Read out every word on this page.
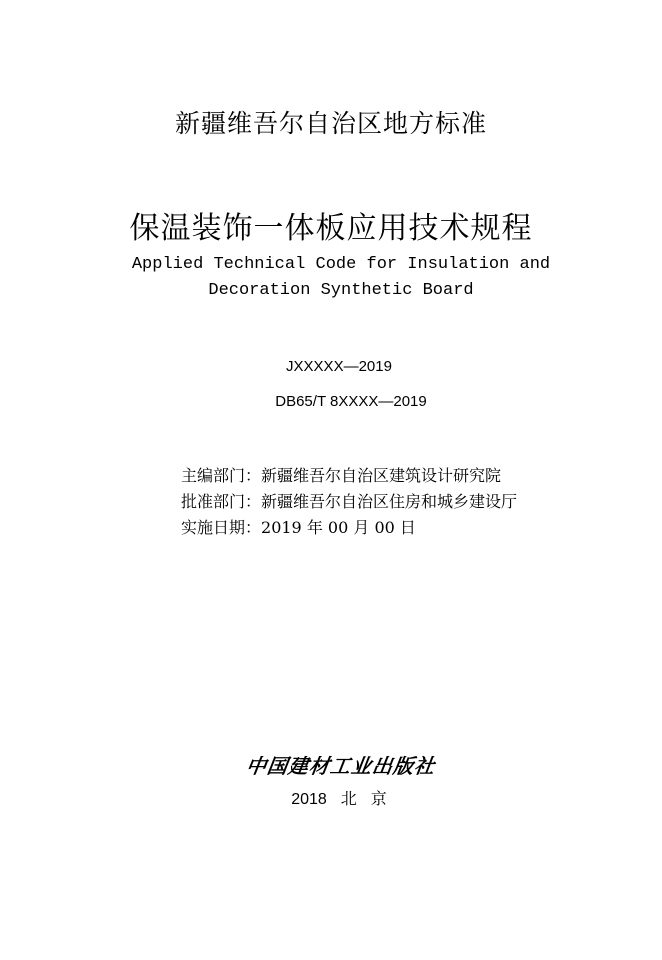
新疆维吾尔自治区地方标准
保温装饰一体板应用技术规程
Applied Technical Code for Insulation and
Decoration Synthetic Board
JXXXXX—2019
DB65/T 8XXXX—2019
主编部门：新疆维吾尔自治区建筑设计研究院
批准部门：新疆维吾尔自治区住房和城乡建设厅
实施日期：2019 年 00 月 00 日
中国建材工业出版社
2018 北 京
